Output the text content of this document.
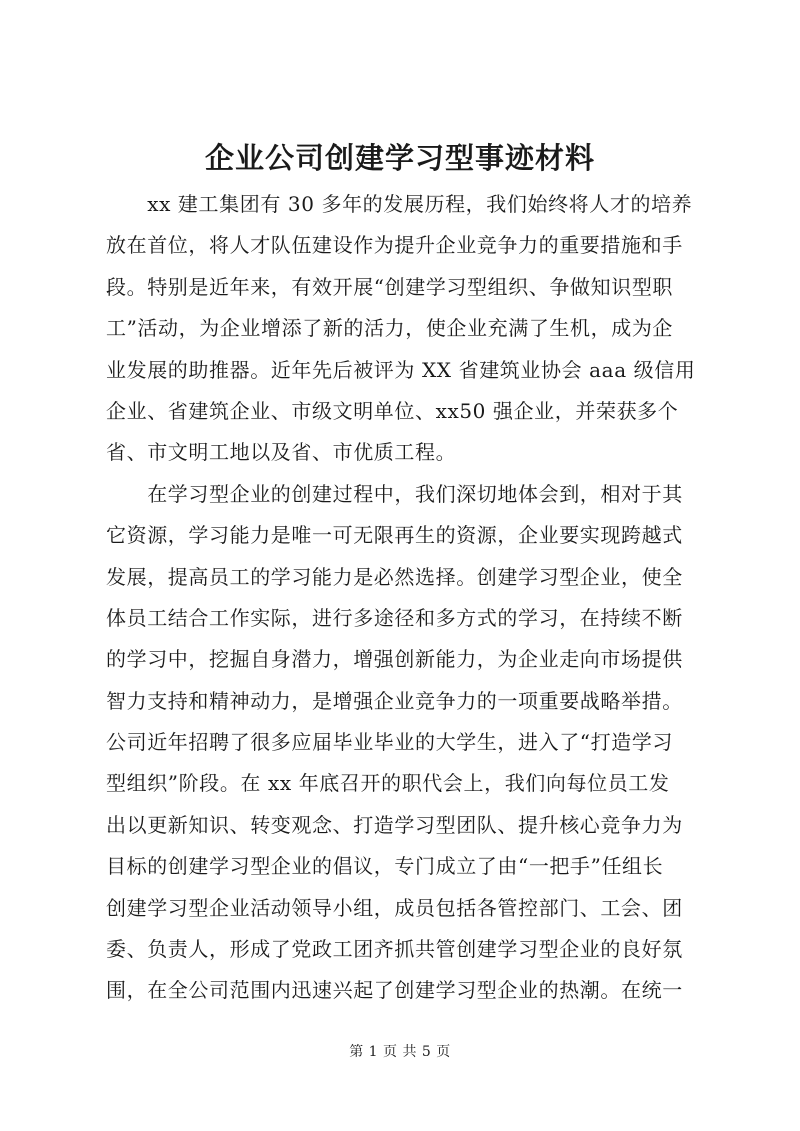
企业公司创建学习型事迹材料
　　xx 建工集团有 30 多年的发展历程，我们始终将人才的培养
放在首位，将人才队伍建设作为提升企业竞争力的重要措施和手
段。特别是近年来，有效开展“创建学习型组织、争做知识型职
工”活动，为企业增添了新的活力，使企业充满了生机，成为企
业发展的助推器。近年先后被评为 XX 省建筑业协会 aaa 级信用
企业、省建筑企业、市级文明单位、xx50 强企业，并荣获多个
省、市文明工地以及省、市优质工程。
　　在学习型企业的创建过程中，我们深切地体会到，相对于其
它资源，学习能力是唯一可无限再生的资源，企业要实现跨越式
发展，提高员工的学习能力是必然选择。创建学习型企业，使全
体员工结合工作实际，进行多途径和多方式的学习，在持续不断
的学习中，挖掘自身潜力，增强创新能力，为企业走向市场提供
智力支持和精神动力，是增强企业竞争力的一项重要战略举措。
公司近年招聘了很多应届毕业毕业的大学生，进入了“打造学习
型组织”阶段。在 xx 年底召开的职代会上，我们向每位员工发
出以更新知识、转变观念、打造学习型团队、提升核心竞争力为
目标的创建学习型企业的倡议，专门成立了由“一把手”任组长
创建学习型企业活动领导小组，成员包括各管控部门、工会、团
委、负责人，形成了党政工团齐抓共管创建学习型企业的良好氛
围，在全公司范围内迅速兴起了创建学习型企业的热潮。在统一
第 1 页 共 5 页
